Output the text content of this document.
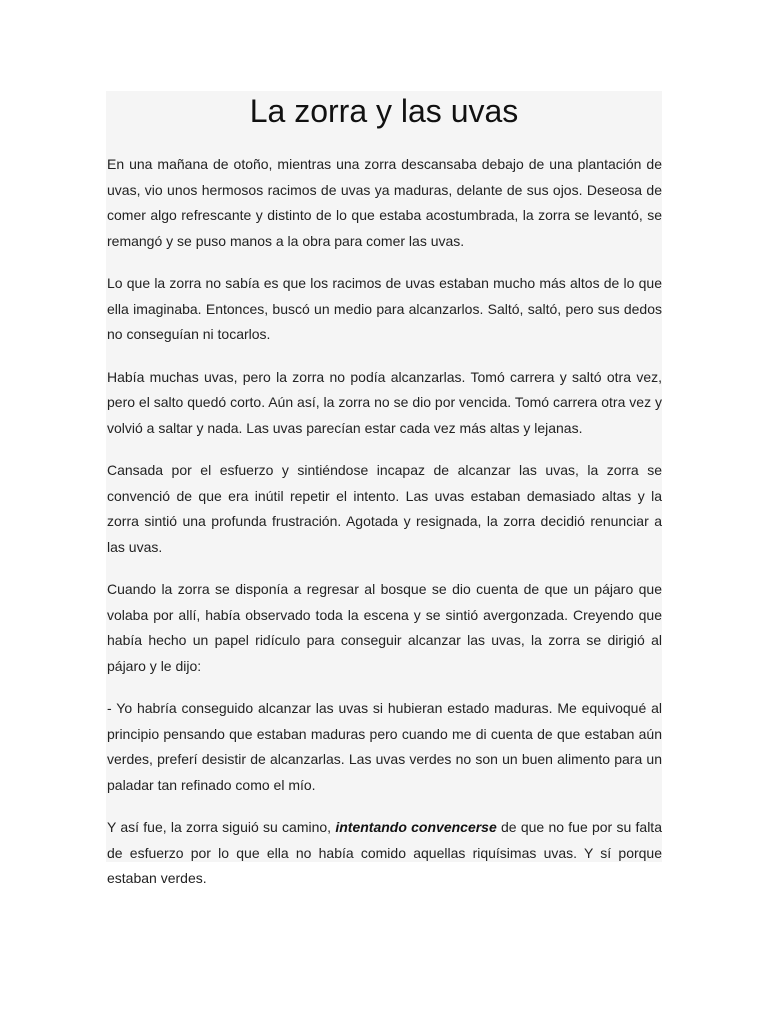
La zorra y las uvas

En una mañana de otoño, mientras una zorra descansaba debajo de una plantación de uvas, vio unos hermosos racimos de uvas ya maduras, delante de sus ojos. Deseosa de comer algo refrescante y distinto de lo que estaba acostumbrada, la zorra se levantó, se remangó y se puso manos a la obra para comer las uvas.

Lo que la zorra no sabía es que los racimos de uvas estaban mucho más altos de lo que ella imaginaba. Entonces, buscó un medio para alcanzarlos. Saltó, saltó, pero sus dedos no conseguían ni tocarlos.

Había muchas uvas, pero la zorra no podía alcanzarlas. Tomó carrera y saltó otra vez, pero el salto quedó corto. Aún así, la zorra no se dio por vencida. Tomó carrera otra vez y volvió a saltar y nada. Las uvas parecían estar cada vez más altas y lejanas.

Cansada por el esfuerzo y sintiéndose incapaz de alcanzar las uvas, la zorra se convenció de que era inútil repetir el intento. Las uvas estaban demasiado altas y la zorra sintió una profunda frustración. Agotada y resignada, la zorra decidió renunciar a las uvas.

Cuando la zorra se disponía a regresar al bosque se dio cuenta de que un pájaro que volaba por allí, había observado toda la escena y se sintió avergonzada. Creyendo que había hecho un papel ridículo para conseguir alcanzar las uvas, la zorra se dirigió al pájaro y le dijo:

- Yo habría conseguido alcanzar las uvas si hubieran estado maduras. Me equivoqué al principio pensando que estaban maduras pero cuando me di cuenta de que estaban aún verdes, preferí desistir de alcanzarlas. Las uvas verdes no son un buen alimento para un paladar tan refinado como el mío.

Y así fue, la zorra siguió su camino, intentando convencerse de que no fue por su falta de esfuerzo por lo que ella no había comido aquellas riquísimas uvas. Y sí porque estaban verdes.
